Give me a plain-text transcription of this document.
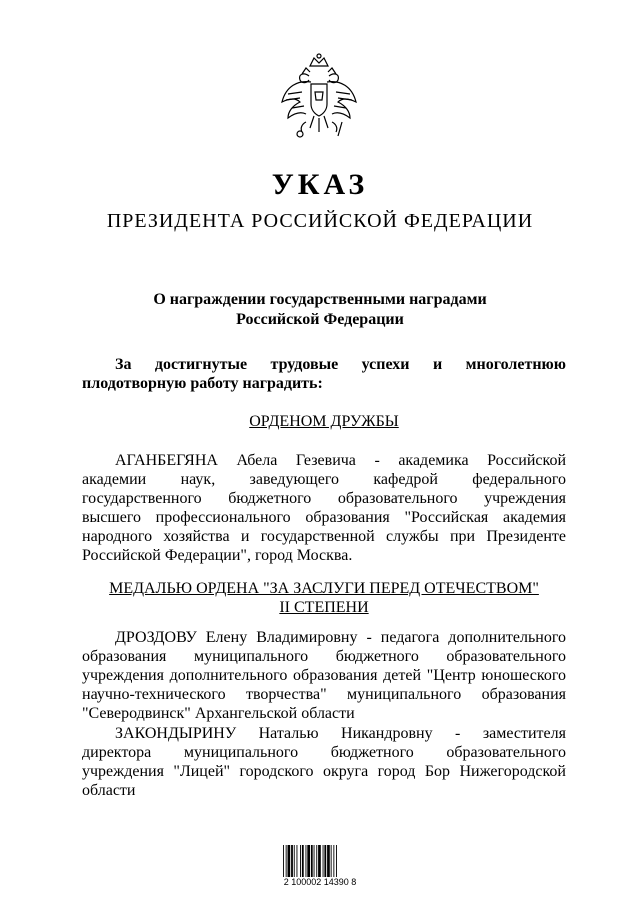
УКАЗ
ПРЕЗИДЕНТА РОССИЙСКОЙ ФЕДЕРАЦИИ
О награждении государственными наградами
Российской Федерации
За достигнутые трудовые успехи и многолетнюю
плодотворную работу наградить:
ОРДЕНОМ ДРУЖБЫ
АГАНБЕГЯНА Абела Гезевича - академика Российской
академии наук, заведующего кафедрой федерального
государственного бюджетного образовательного учреждения
высшего профессионального образования "Российская академия
народного хозяйства и государственной службы при Президенте
Российской Федерации", город Москва.
МЕДАЛЬЮ ОРДЕНА "ЗА ЗАСЛУГИ ПЕРЕД ОТЕЧЕСТВОМ"
II СТЕПЕНИ
ДРОЗДОВУ Елену Владимировну - педагога дополнительного
образования муниципального бюджетного образовательного
учреждения дополнительного образования детей "Центр юношеского
научно-технического творчества" муниципального образования
"Северодвинск" Архангельской области
ЗАКОНДЫРИНУ Наталью Никандровну - заместителя
директора муниципального бюджетного образовательного
учреждения "Лицей" городского округа город Бор Нижегородской
области
2 100002 14390 8
